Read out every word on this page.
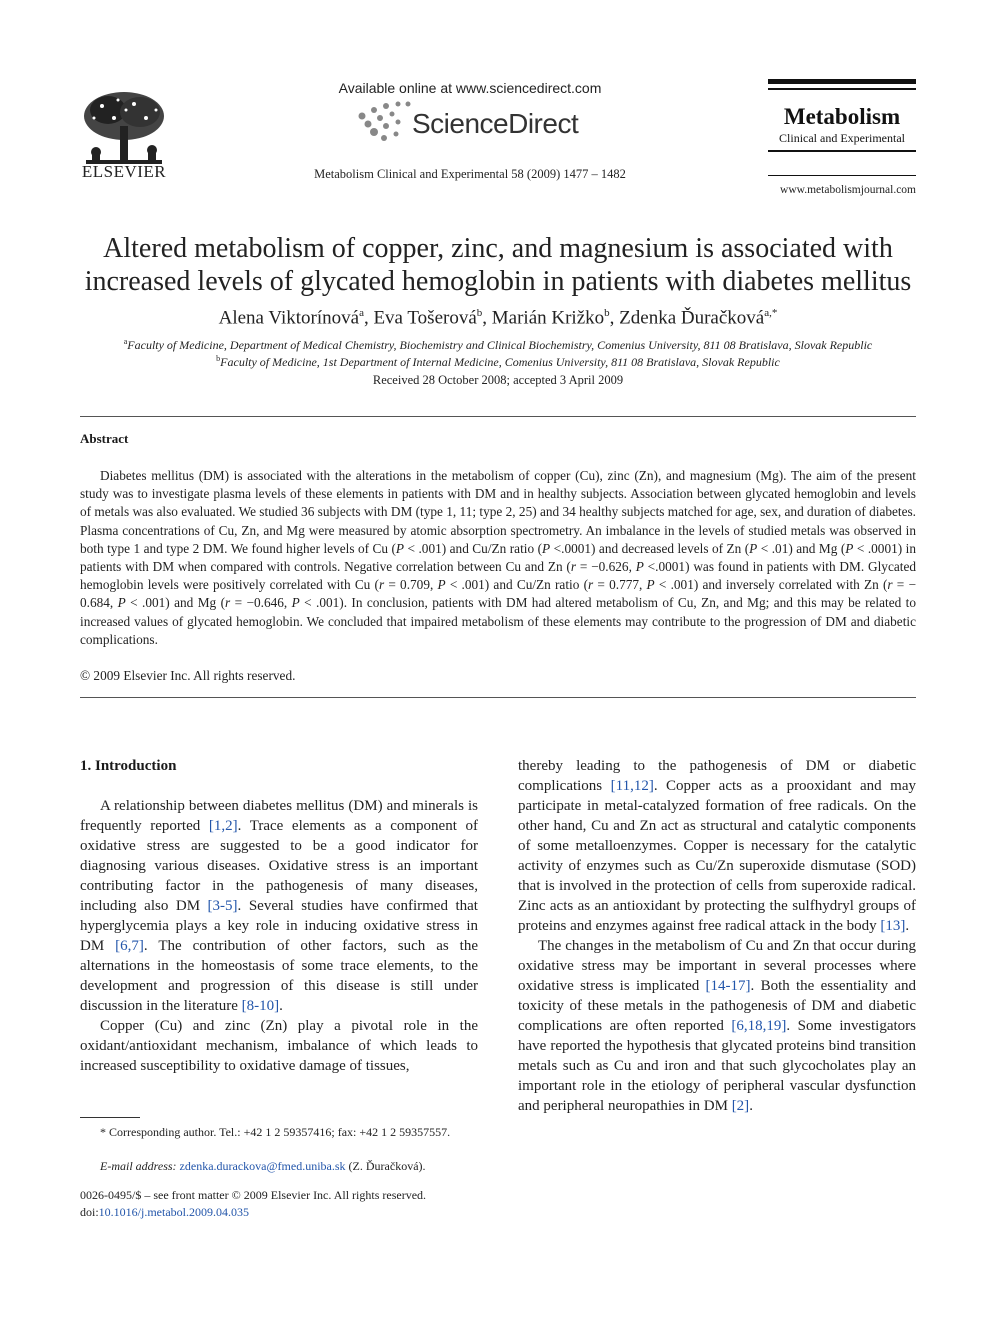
ELSEVIER
Available online at www.sciencedirect.com
ScienceDirect
Metabolism Clinical and Experimental 58 (2009) 1477 – 1482
Metabolism
Clinical and Experimental
www.metabolismjournal.com
Altered metabolism of copper, zinc, and magnesium is associated with
increased levels of glycated hemoglobin in patients with diabetes mellitus
Alena Viktorínová$^a$, Eva Tošerová$^b$, Marián Križko$^b$, Zdenka Ďuračková$^{a,*}$
$^a$Faculty of Medicine, Department of Medical Chemistry, Biochemistry and Clinical Biochemistry, Comenius University, 811 08 Bratislava, Slovak Republic
$^b$Faculty of Medicine, 1st Department of Internal Medicine, Comenius University, 811 08 Bratislava, Slovak Republic
Received 28 October 2008; accepted 3 April 2009
Abstract
Diabetes mellitus (DM) is associated with the alterations in the metabolism of copper (Cu), zinc (Zn), and magnesium (Mg). The aim of the present study was to investigate plasma levels of these elements in patients with DM and in healthy subjects. Association between glycated hemoglobin and levels of metals was also evaluated. We studied 36 subjects with DM (type 1, 11; type 2, 25) and 34 healthy subjects matched for age, sex, and duration of diabetes. Plasma concentrations of Cu, Zn, and Mg were measured by atomic absorption spectrometry. An imbalance in the levels of studied metals was observed in both type 1 and type 2 DM. We found higher levels of Cu (P < .001) and Cu/Zn ratio (P <.0001) and decreased levels of Zn (P < .01) and Mg (P < .0001) in patients with DM when compared with controls. Negative correlation between Cu and Zn (r = −0.626, P <.0001) was found in patients with DM. Glycated hemoglobin levels were positively correlated with Cu (r = 0.709, P < .001) and Cu/Zn ratio (r = 0.777, P < .001) and inversely correlated with Zn (r = − 0.684, P < .001) and Mg (r = −0.646, P < .001). In conclusion, patients with DM had altered metabolism of Cu, Zn, and Mg; and this may be related to increased values of glycated hemoglobin. We concluded that impaired metabolism of these elements may contribute to the progression of DM and diabetic complications.
© 2009 Elsevier Inc. All rights reserved.
1. Introduction

A relationship between diabetes mellitus (DM) and minerals is frequently reported [1,2]. Trace elements as a component of oxidative stress are suggested to be a good indicator for diagnosing various diseases. Oxidative stress is an important contributing factor in the pathogenesis of many diseases, including also DM [3-5]. Several studies have confirmed that hyperglycemia plays a key role in inducing oxidative stress in DM [6,7]. The contribution of other factors, such as the alternations in the homeostasis of some trace elements, to the development and progression of this disease is still under discussion in the literature [8-10].

Copper (Cu) and zinc (Zn) play a pivotal role in the oxidant/antioxidant mechanism, imbalance of which leads to increased susceptibility to oxidative damage of tissues,

thereby leading to the pathogenesis of DM or diabetic complications [11,12]. Copper acts as a prooxidant and may participate in metal-catalyzed formation of free radicals. On the other hand, Cu and Zn act as structural and catalytic components of some metalloenzymes. Copper is necessary for the catalytic activity of enzymes such as Cu/Zn superoxide dismutase (SOD) that is involved in the protection of cells from superoxide radical. Zinc acts as an antioxidant by protecting the sulfhydryl groups of proteins and enzymes against free radical attack in the body [13].

The changes in the metabolism of Cu and Zn that occur during oxidative stress may be important in several processes where oxidative stress is implicated [14-17]. Both the essentiality and toxicity of these metals in the pathogenesis of DM and diabetic complications are often reported [6,18,19]. Some investigators have reported the hypothesis that glycated proteins bind transition metals such as Cu and iron and that such glycocholates play an important role in the etiology of peripheral vascular dysfunction and peripheral neuropathies in DM [2].

* Corresponding author. Tel.: +42 1 2 59357416; fax: +42 1 2 59357557.
E-mail address: zdenka.durackova@fmed.uniba.sk (Z. Ďuračková).
0026-0495/$ – see front matter © 2009 Elsevier Inc. All rights reserved.
doi:10.1016/j.metabol.2009.04.035
